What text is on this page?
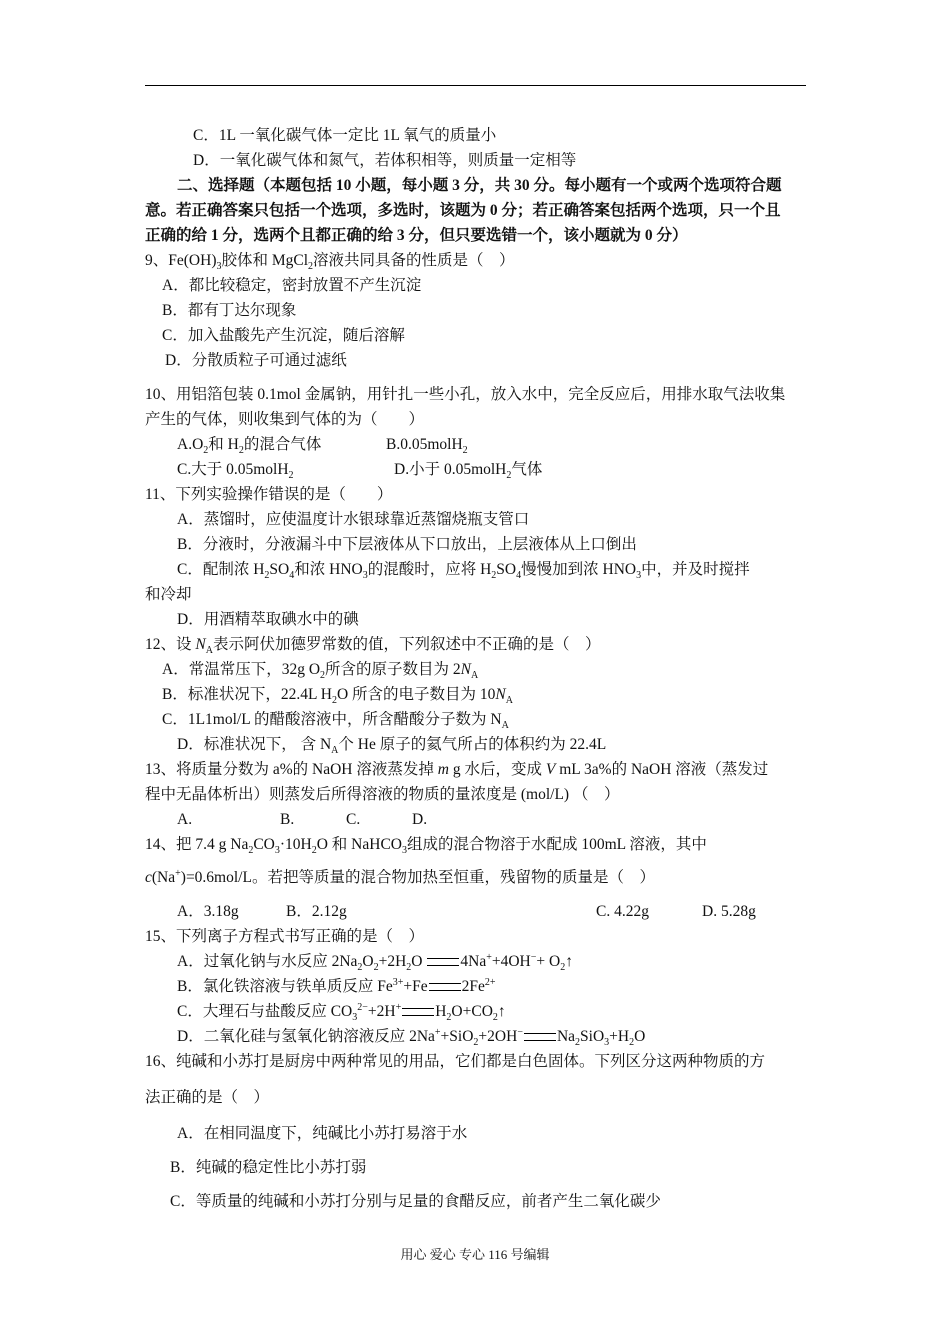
C．1L 一氧化碳气体一定比 1L 氧气的质量小
D．一氧化碳气体和氮气，若体积相等，则质量一定相等
二、选择题（本题包括 10 小题，每小题 3 分，共 30 分。每小题有一个或两个选项符合题
意。若正确答案只包括一个选项，多选时，该题为 0 分；若正确答案包括两个选项，只一个且
正确的给 1 分，选两个且都正确的给 3 分，但只要选错一个，该小题就为 0 分）
9、$Fe(OH)_3$胶体和 MgCl$_2$溶液共同具备的性质是（　）
A．都比较稳定，密封放置不产生沉淀
B．都有丁达尔现象
C．加入盐酸先产生沉淀，随后溶解
D．分散质粒子可通过滤纸
10、用铝箔包装 0.1mol 金属钠，用针扎一些小孔，放入水中，完全反应后，用排水取气法收集
产生的气体，则收集到气体的为（　　）
$A.O_2$和 $H_2$的混合气体	B.0.05molH$_2$
C.大于 0.05molH$_2$	D.小于 0.05molH$_2$气体
11、下列实验操作错误的是（　　）
A．蒸馏时，应使温度计水银球靠近蒸馏烧瓶支管口
B．分液时，分液漏斗中下层液体从下口放出，上层液体从上口倒出
C．配制浓 $H_2SO_4$和浓 $HNO_3$的混酸时，应将 $H_2SO_4$慢慢加到浓 $HNO_3$中，并及时搅拌
和冷却
D．用酒精萃取碘水中的碘
12、设 $N_A$表示阿伏加德罗常数的值，下列叙述中不正确的是（　）
A．常温常压下，32g $O_2$所含的原子数目为 $2N_A$
B．标准状况下，22.4L $H_2O$ 所含的电子数目为 $10N_A$
C．1L1mol/L 的醋酸溶液中，所含醋酸分子数为 $N_A$
D．标准状况下， 含 $N_A$个 He 原子的氦气所占的体积约为 22.4L
13、将质量分数为 a%的 NaOH 溶液蒸发掉 m g 水后，变成 V mL 3a%的 NaOH 溶液（蒸发过
程中无晶体析出）则蒸发后所得溶液的物质的量浓度是 (mol/L) （　）
A.	B.	C.	D.
14、把 7.4 g $Na_2CO_3\cdot 10H_2O$ 和 NaHCO$_3$组成的混合物溶于水配成 100mL 溶液，其中
c(Na+)=0.6mol/L。若把等质量的混合物加热至恒重，残留物的质量是（　）
A．3.18g	B．2.12g	C. 4.22g	D. 5.28g
15、下列离子方程式书写正确的是（　）
A．过氧化钠与水反应 $2Na_2O_2+2H_2O$ $4Na^++4OH^-+ O_2↑$
B．氯化铁溶液与铁单质反应 $Fe^{3+}+Fe$ $2Fe^{2+}$
C．大理石与盐酸反应 $CO_3^{2-}+2H^+$ $H_2O+CO_2↑$
D．二氧化硅与氢氧化钠溶液反应 2Na++SiO$_2$+2OH− $Na_2SiO_3+H_2O$
16、纯碱和小苏打是厨房中两种常见的用品，它们都是白色固体。下列区分这两种物质的方
法正确的是（　）
A．在相同温度下，纯碱比小苏打易溶于水
B．纯碱的稳定性比小苏打弱
C．等质量的纯碱和小苏打分别与足量的食醋反应，前者产生二氧化碳少
用心 爱心 专心 116 号编辑
